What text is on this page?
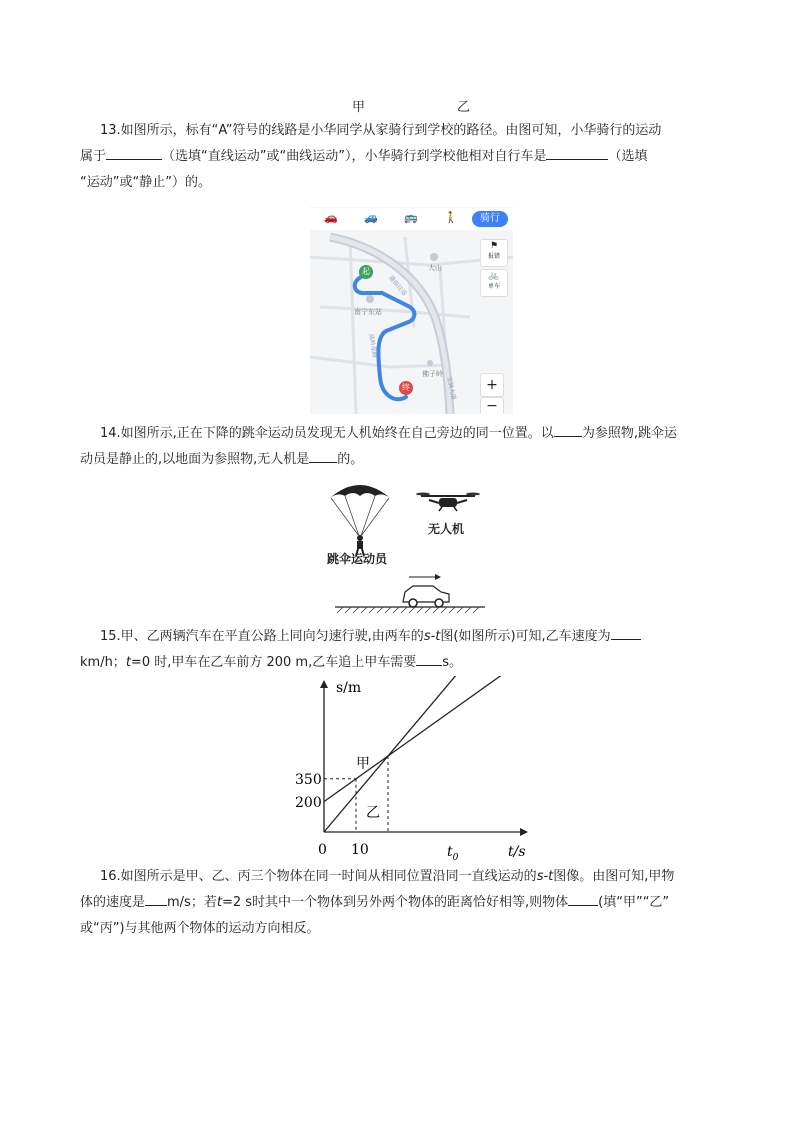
甲	乙
13.如图所示，标有“A”符号的线路是小华同学从家骑行到学校的路径。由图可知，小华骑行的运动
属于	（选填“直线运动”或“曲线运动”），小华骑行到学校他相对自行车是	（选填
“运动”或“静止”）的。
起
终
大山
南宁东站
佛子岭
蒲庙往返
凤岭北路
玉洞大道
⚑
报错
🚲
单车
+
−
🚗 🚙 🚌 🚶	骑行
14.如图所示,正在下降的跳伞运动员发现无人机始终在自己旁边的同一位置。以 为参照物,跳伞运
动员是静止的,以地面为参照物,无人机是 的。
无人机
跳伞运动员
15.甲、乙两辆汽车在平直公路上同向匀速行驶,由两车的s-t图(如图所示)可知,乙车速度为
km/h；t=0 时,甲车在乙车前方 200 m,乙车追上甲车需要 s。
s/m
t/s
0 10	$t_0$
350
200
甲
乙
16.如图所示是甲、乙、丙三个物体在同一时间从相同位置沿同一直线运动的s-t图像。由图可知,甲物
体的速度是 m/s；若t=2 s时其中一个物体到另外两个物体的距离恰好相等,则物体 (填“甲”“乙”
或“丙”)与其他两个物体的运动方向相反。
